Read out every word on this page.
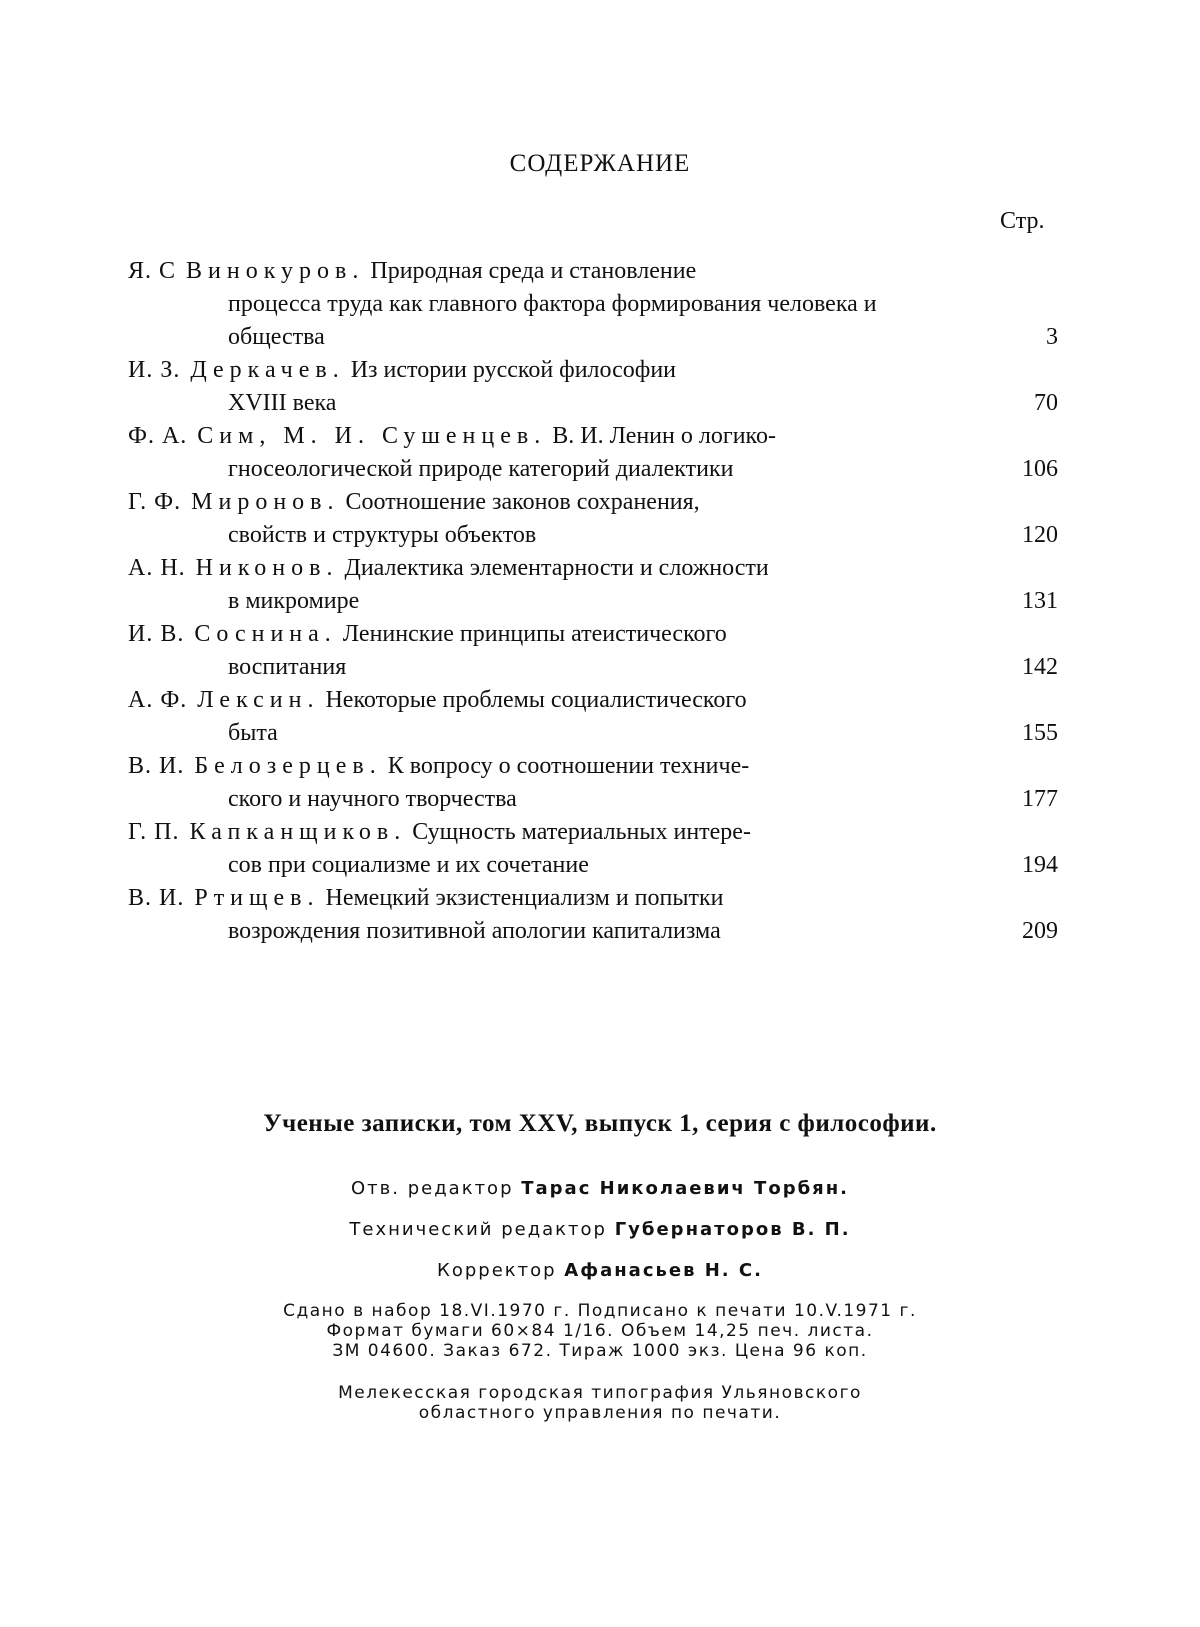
СОДЕРЖАНИЕ
Стр.
Я. С Винокуров. Природная среда и становление
процесса труда как главного фактора формирования человека и общества	3
И. З. Деркачев. Из истории русской философии
XVIII века	70
Ф. А. Сим, М. И. Сушенцев. В. И. Ленин о логико-
гносеологической природе категорий диалектики	106
Г. Ф. Миронов. Соотношение законов сохранения,
свойств и структуры объектов	120
А. Н. Никонов. Диалектика элементарности и сложности
в микромире	131
И. В. Соснина. Ленинские принципы атеистического
воспитания	142
А. Ф. Лексин. Некоторые проблемы социалистического
быта	155
В. И. Белозерцев. К вопросу о соотношении техниче-
ского и научного творчества	177
Г. П. Капканщиков. Сущность материальных интере-
сов при социализме и их сочетание	194
В. И. Ртищев. Немецкий экзистенциализм и попытки
возрождения позитивной апологии капитализма	209

Ученые записки, том XXV, выпуск 1, серия с философии.

Отв. редактор Тарас Николаевич Торбян.

Технический редактор Губернаторов В. П.

Корректор Афанасьев Н. С.

Сдано в набор 18.VI.1970 г. Подписано к печати 10.V.1971 г.

Формат бумаги 60×84 1/16. Объем 14,25 печ. листа.

ЗМ 04600. Заказ 672. Тираж 1000 экз. Цена 96 коп.

Мелекесская городская типография Ульяновского
областного управления по печати.
